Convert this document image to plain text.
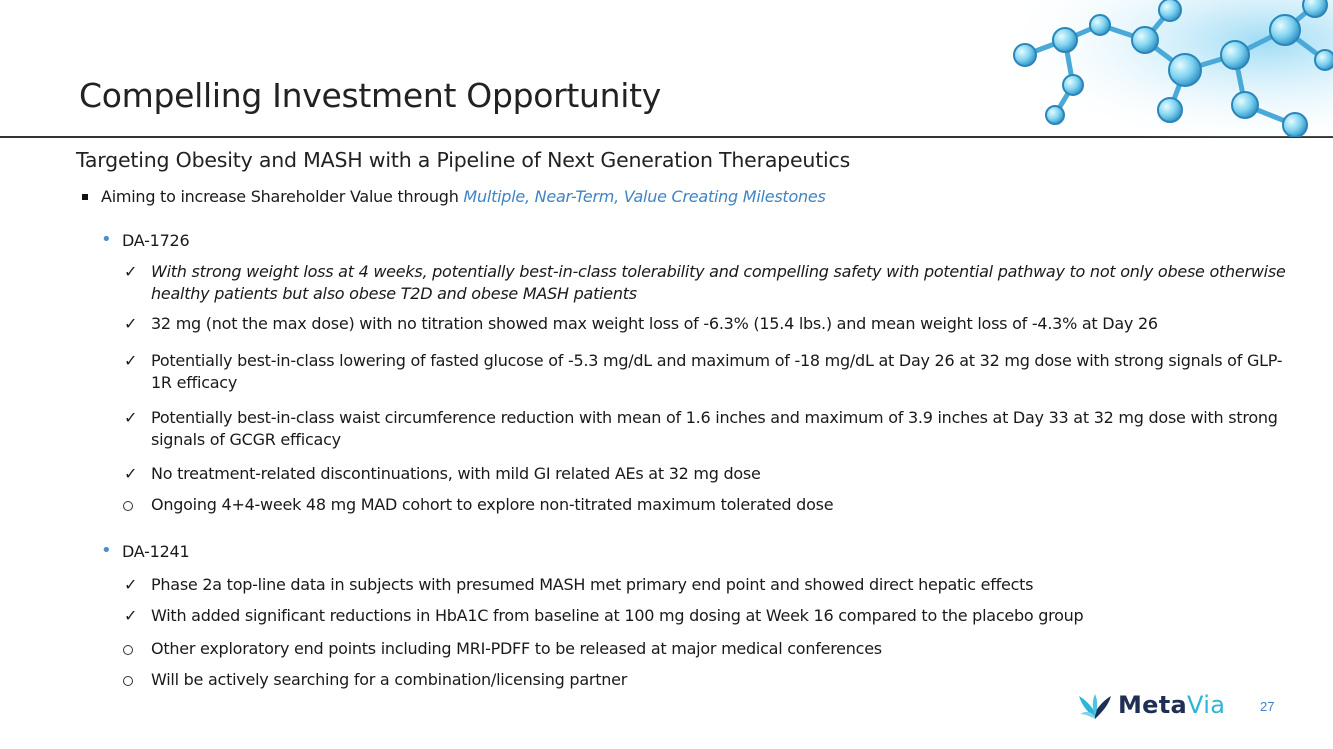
Compelling Investment Opportunity
Targeting Obesity and MASH with a Pipeline of Next Generation Therapeutics
Aiming to increase Shareholder Value through Multiple, Near-Term, Value Creating Milestones
• DA-1726
✓ With strong weight loss at 4 weeks, potentially best-in-class tolerability and compelling safety with potential pathway to not only obese otherwise healthy patients but also obese T2D and obese MASH patients
✓ 32 mg (not the max dose) with no titration showed max weight loss of -6.3% (15.4 lbs.) and mean weight loss of -4.3% at Day 26
✓ Potentially best-in-class lowering of fasted glucose of -5.3 mg/dL and maximum of -18 mg/dL at Day 26 at 32 mg dose with strong signals of GLP-1R efficacy
✓ Potentially best-in-class waist circumference reduction with mean of 1.6 inches and maximum of 3.9 inches at Day 33 at 32 mg dose with strong signals of GCGR efficacy
✓ No treatment-related discontinuations, with mild GI related AEs at 32 mg dose
Ongoing 4+4-week 48 mg MAD cohort to explore non-titrated maximum tolerated dose
• DA-1241
✓ Phase 2a top-line data in subjects with presumed MASH met primary end point and showed direct hepatic effects
✓ With added significant reductions in HbA1C from baseline at 100 mg dosing at Week 16 compared to the placebo group
Other exploratory end points including MRI-PDFF to be released at major medical conferences
Will be actively searching for a combination/licensing partner
MetaVia	27
